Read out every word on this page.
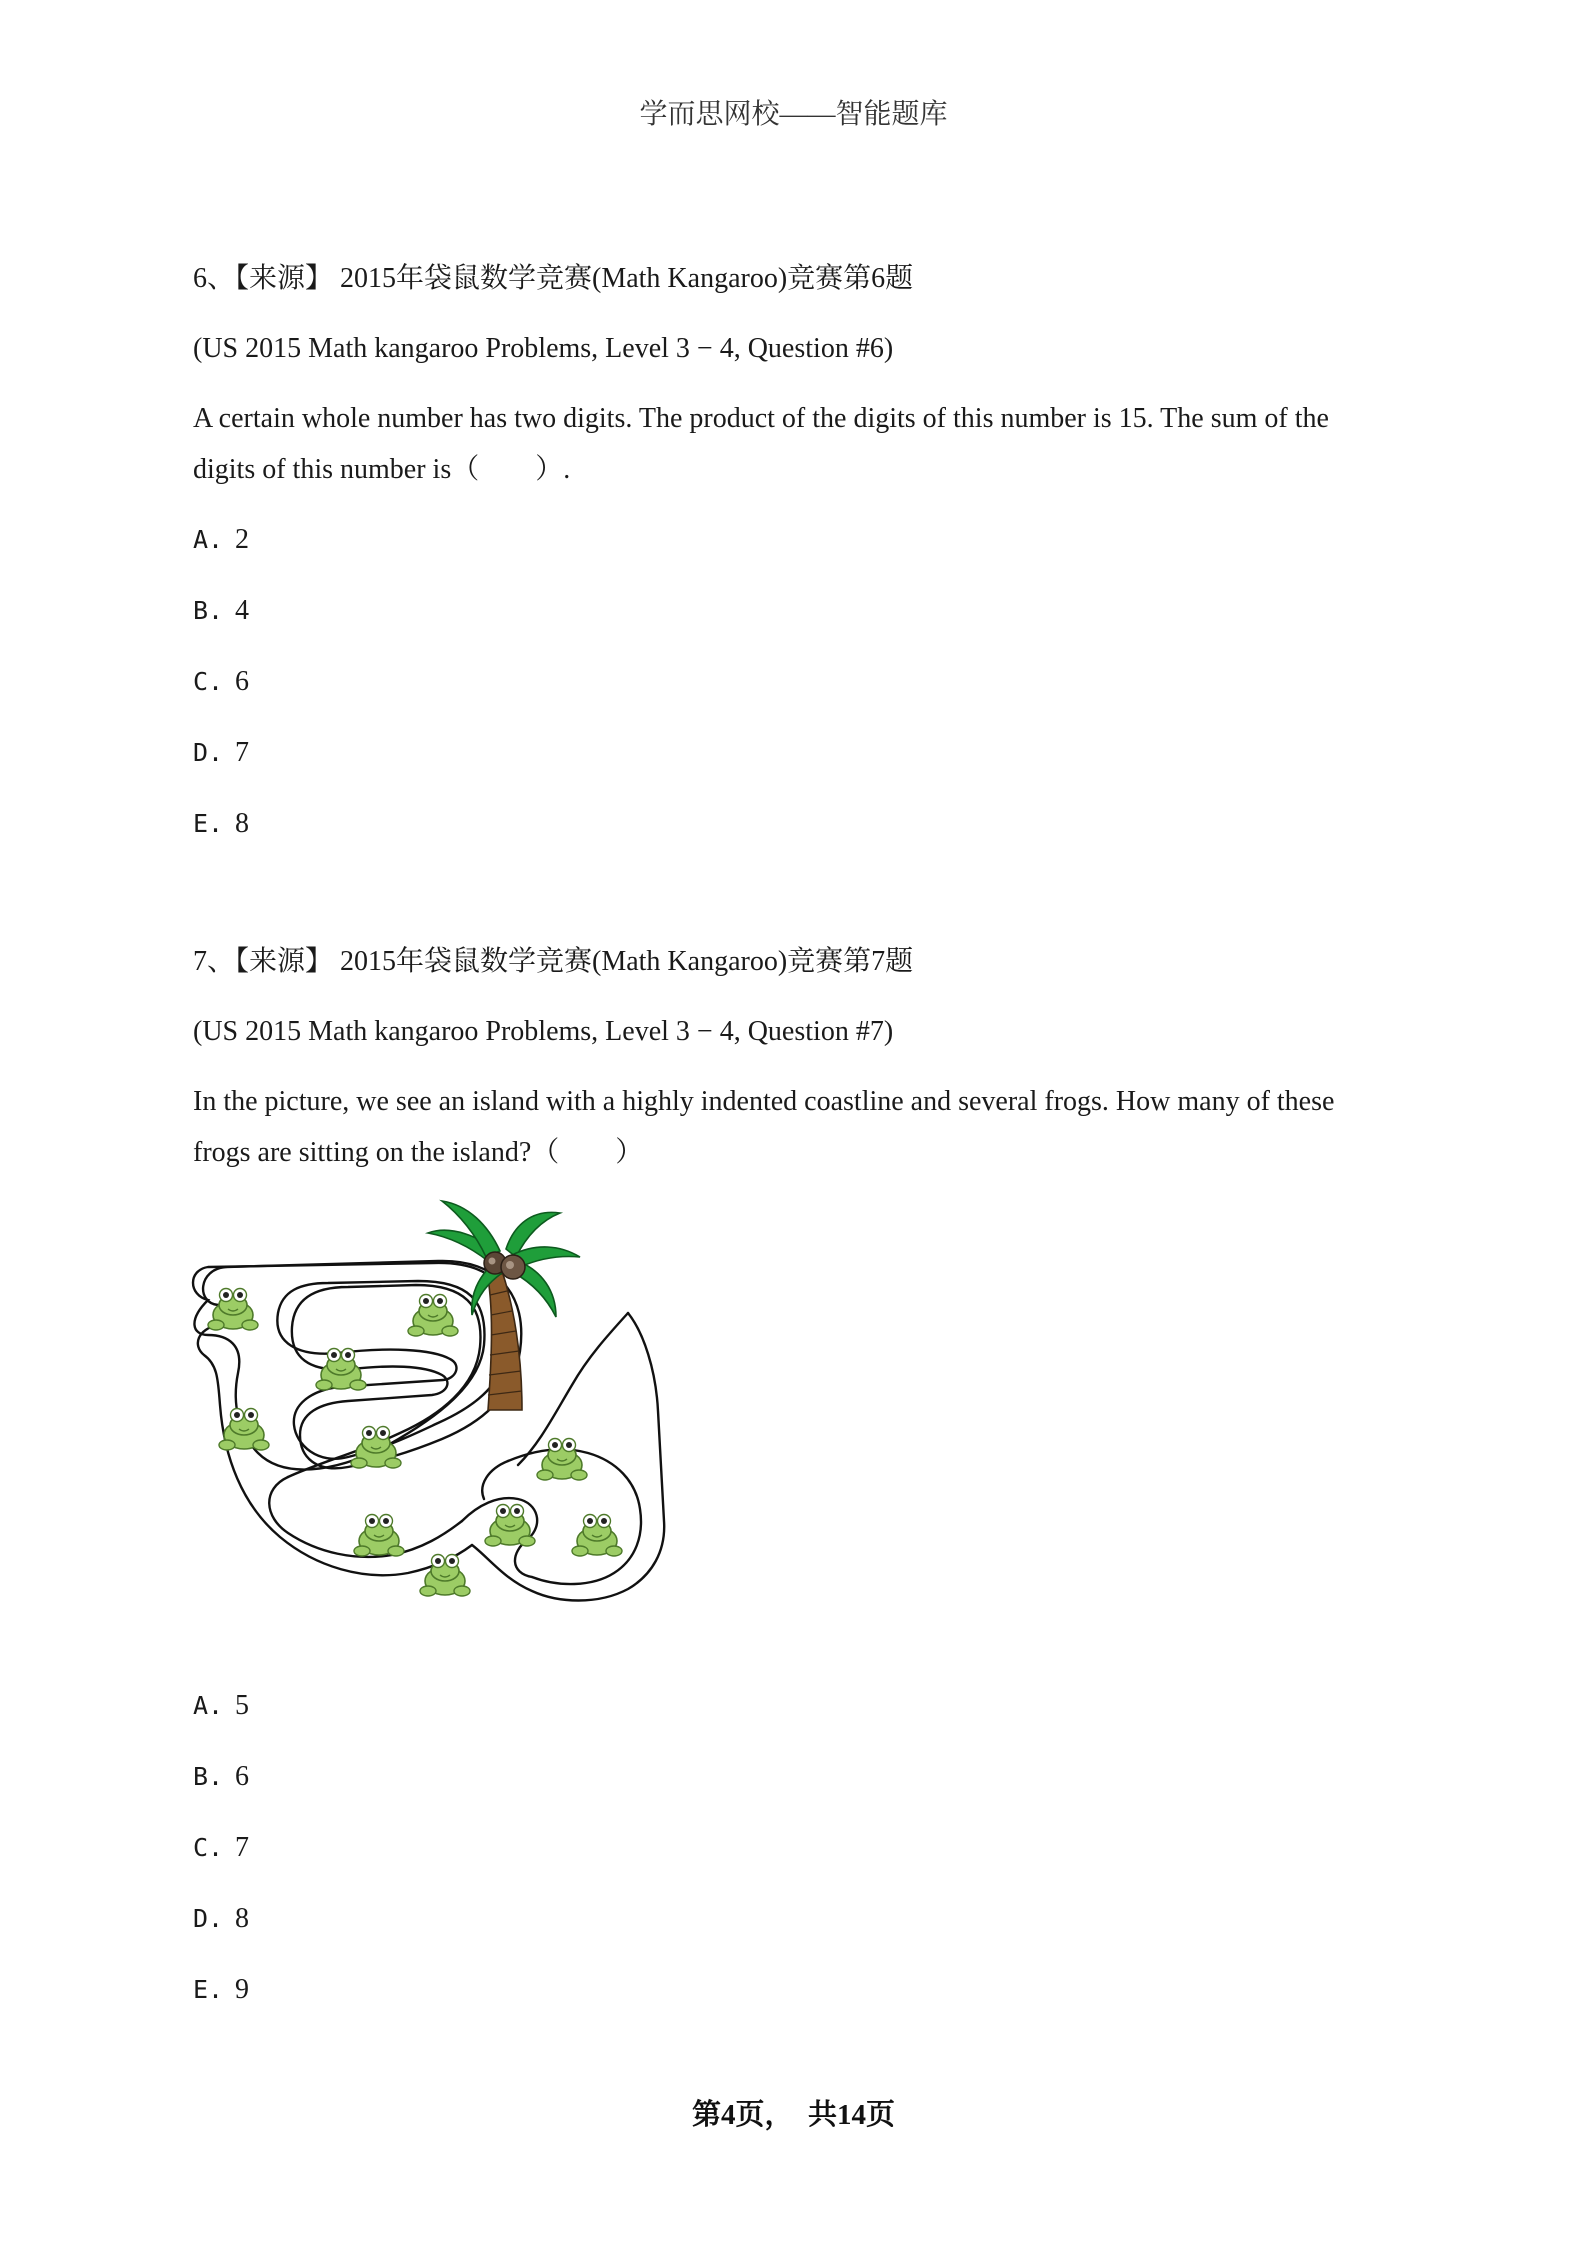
学而思网校——智能题库
6、【来源】 2015年袋鼠数学竞赛(Math Kangaroo)竞赛第6题
(US 2015 Math kangaroo Problems, Level 3 − 4, Question #6)
A certain whole number has two digits. The product of the digits of this number is 15. The sum of the
digits of this number is（　　）.
A. 2
B. 4
C. 6
D. 7
E. 8
7、【来源】 2015年袋鼠数学竞赛(Math Kangaroo)竞赛第7题
(US 2015 Math kangaroo Problems, Level 3 − 4, Question #7)
In the picture, we see an island with a highly indented coastline and several frogs. How many of these
frogs are sitting on the island?（　　）
A. 5
B. 6
C. 7
D. 8
E. 9
第4页，　共14页
